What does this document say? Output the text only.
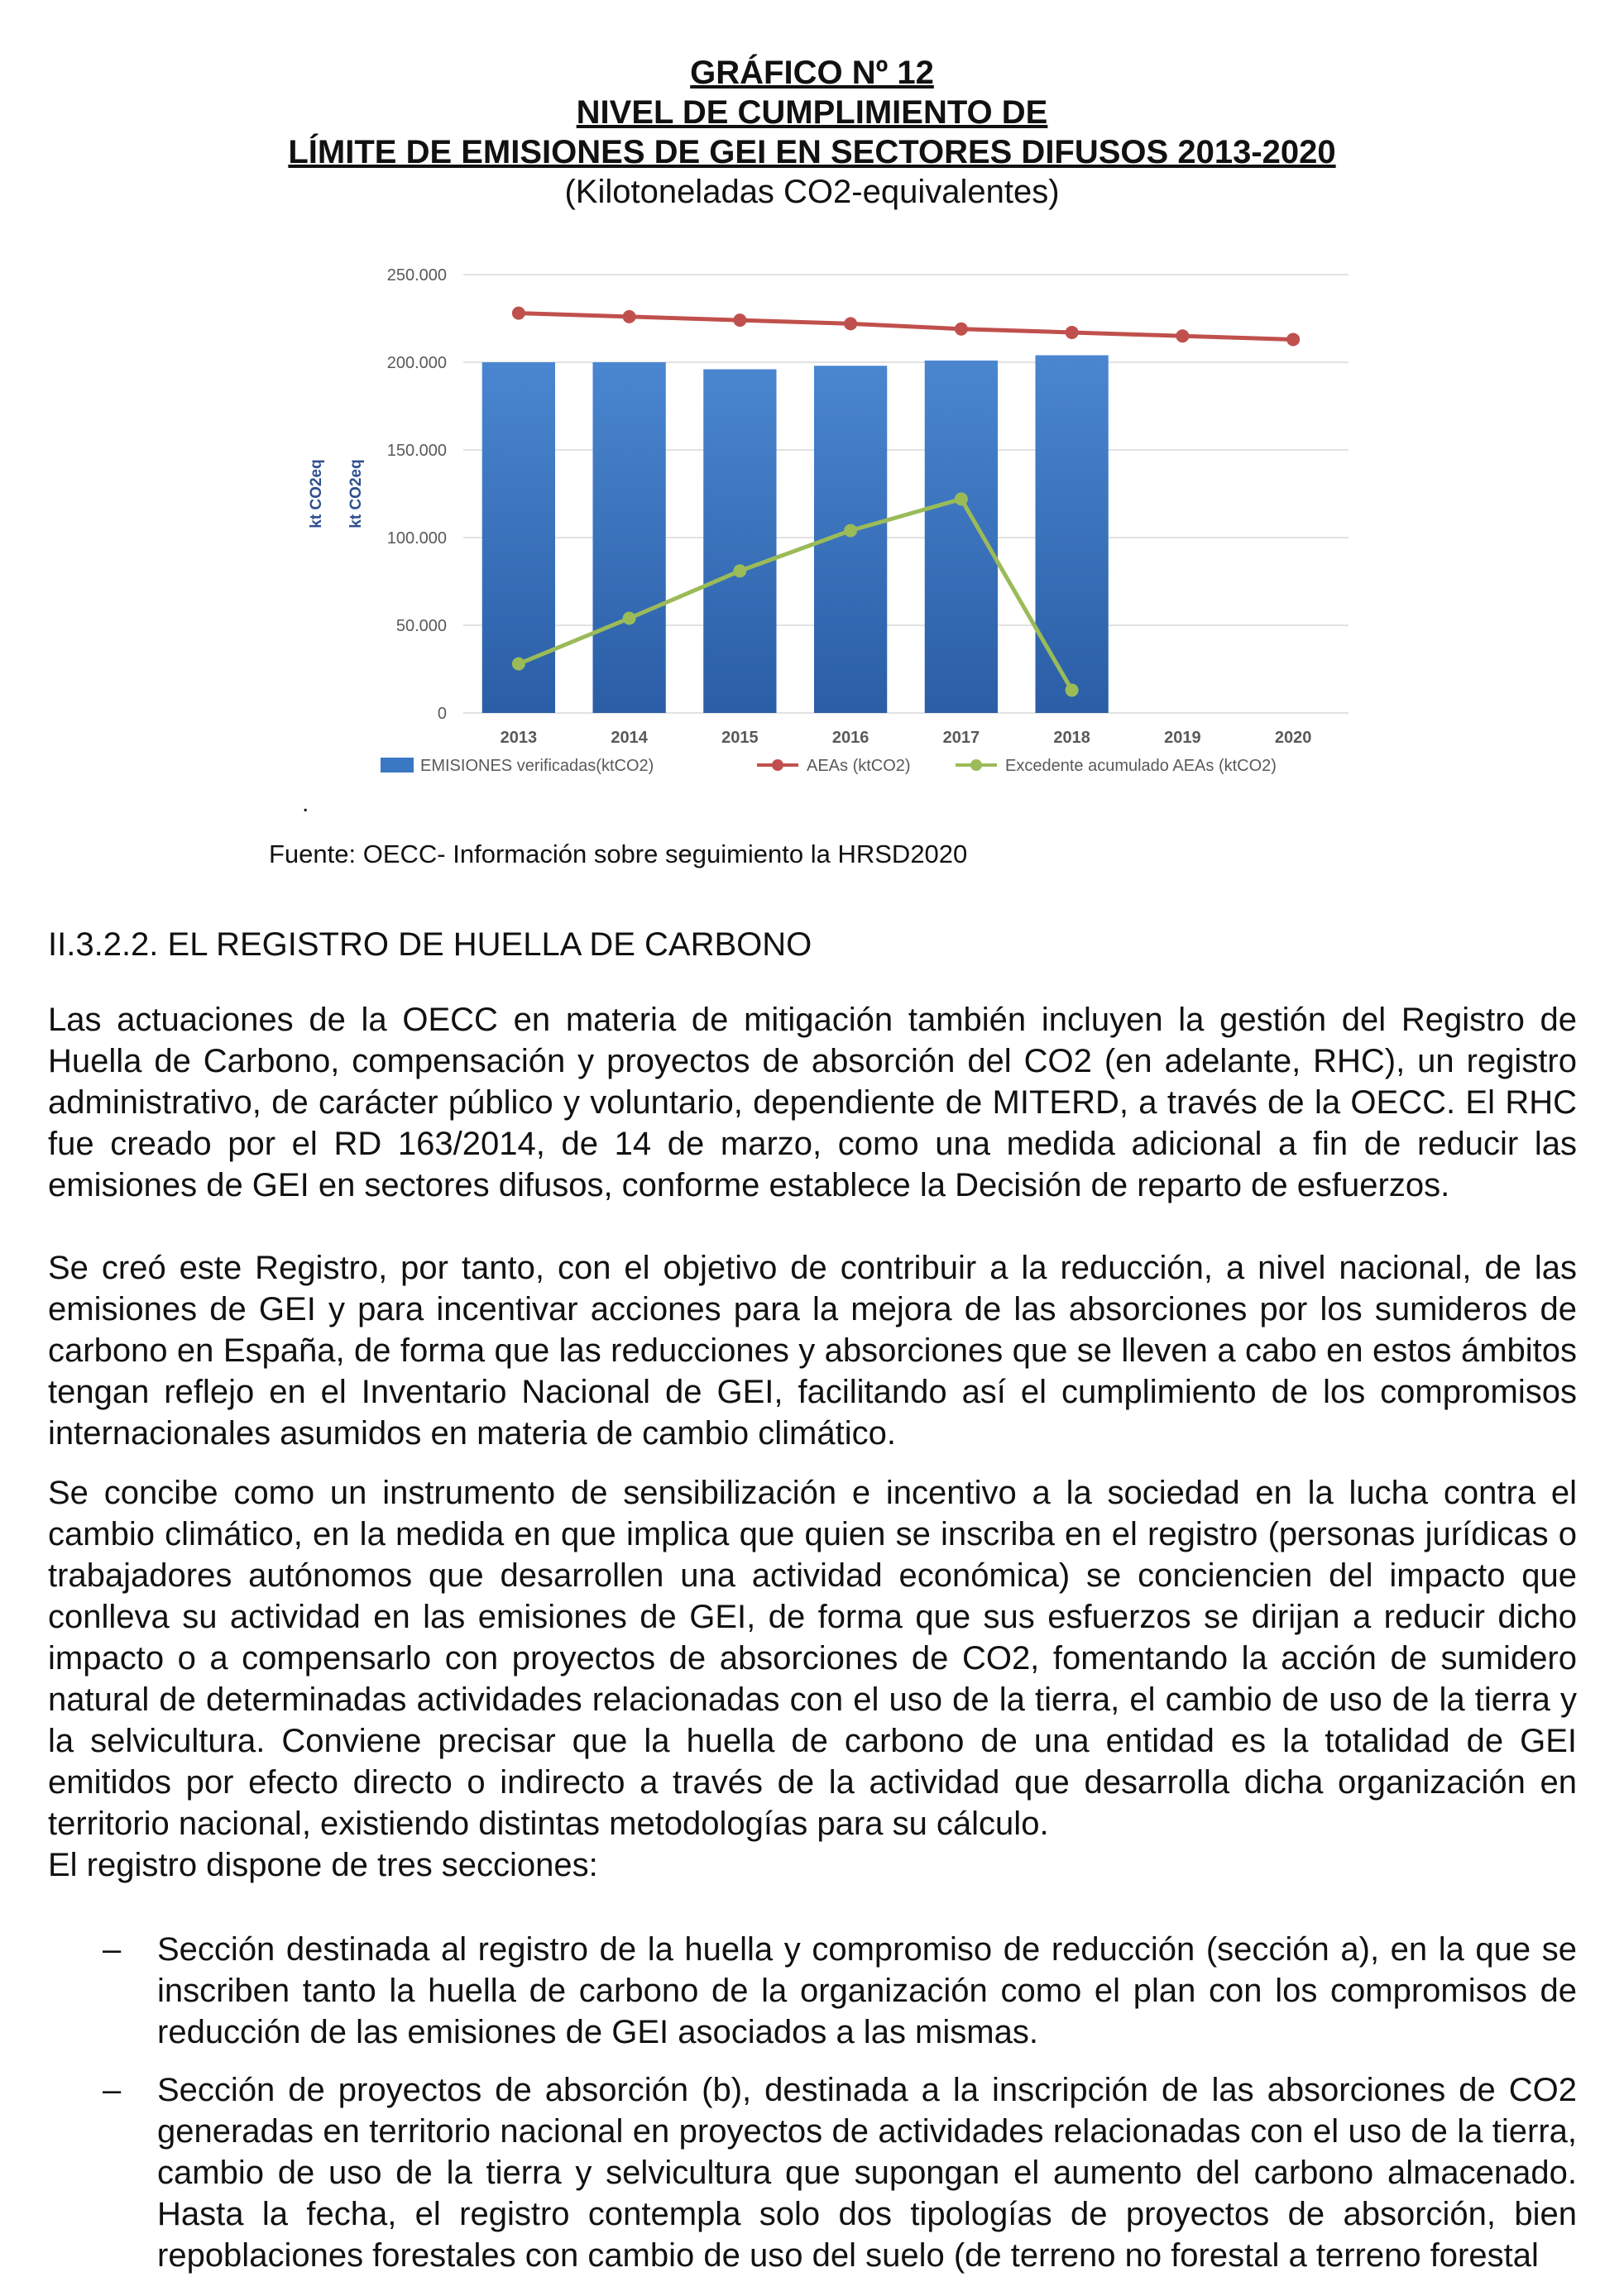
GRÁFICO Nº 12
NIVEL DE CUMPLIMIENTO DE
LÍMITE DE EMISIONES DE GEI EN SECTORES DIFUSOS 2013-2020
(Kilotoneladas CO2-equivalentes)
0
50.000
100.000
150.000
200.000
250.000
kt CO2eq kt CO2eq
2013	2014	2015	2016	2017	2018	2019	2020
EMISIONES verificadas(ktCO2)	AEAs (ktCO2)	Excedente acumulado AEAs (ktCO2)
.
Fuente: OECC- Información sobre seguimiento la HRSD2020
II.3.2.2. EL REGISTRO DE HUELLA DE CARBONO

Las actuaciones de la OECC en materia de mitigación también incluyen la gestión del Registro de Huella de Carbono, compensación y proyectos de absorción del CO2 (en adelante, RHC), un registro administrativo, de carácter público y voluntario, dependiente de MITERD, a través de la OECC. El RHC fue creado por el RD 163/2014, de 14 de marzo, como una medida adicional a fin de reducir las emisiones de GEI en sectores difusos, conforme establece la Decisión de reparto de esfuerzos.

Se creó este Registro, por tanto, con el objetivo de contribuir a la reducción, a nivel nacional, de las emisiones de GEI y para incentivar acciones para la mejora de las absorciones por los sumideros de carbono en España, de forma que las reducciones y absorciones que se lleven a cabo en estos ámbitos tengan reflejo en el Inventario Nacional de GEI, facilitando así el cumplimiento de los compromisos internacionales asumidos en materia de cambio climático.

Se concibe como un instrumento de sensibilización e incentivo a la sociedad en la lucha contra el cambio climático, en la medida en que implica que quien se inscriba en el registro (personas jurídicas o trabajadores autónomos que desarrollen una actividad económica) se conciencien del impacto que conlleva su actividad en las emisiones de GEI, de forma que sus esfuerzos se dirijan a reducir dicho impacto o a compensarlo con proyectos de absorciones de CO2, fomentando la acción de sumidero natural de determinadas actividades relacionadas con el uso de la tierra, el cambio de uso de la tierra y la selvicultura. Conviene precisar que la huella de carbono de una entidad es la totalidad de GEI emitidos por efecto directo o indirecto a través de la actividad que desarrolla dicha organización en territorio nacional, existiendo distintas metodologías para su cálculo.

El registro dispone de tres secciones:

– Sección destinada al registro de la huella y compromiso de reducción (sección a), en la que se inscriben tanto la huella de carbono de la organización como el plan con los compromisos de reducción de las emisiones de GEI asociados a las mismas.
– Sección de proyectos de absorción (b), destinada a la inscripción de las absorciones de CO2 generadas en territorio nacional en proyectos de actividades relacionadas con el uso de la tierra, cambio de uso de la tierra y selvicultura que supongan el aumento del carbono almacenado. Hasta la fecha, el registro contempla solo dos tipologías de proyectos de absorción, bien repoblaciones forestales con cambio de uso del suelo (de terreno no forestal a terreno forestal
